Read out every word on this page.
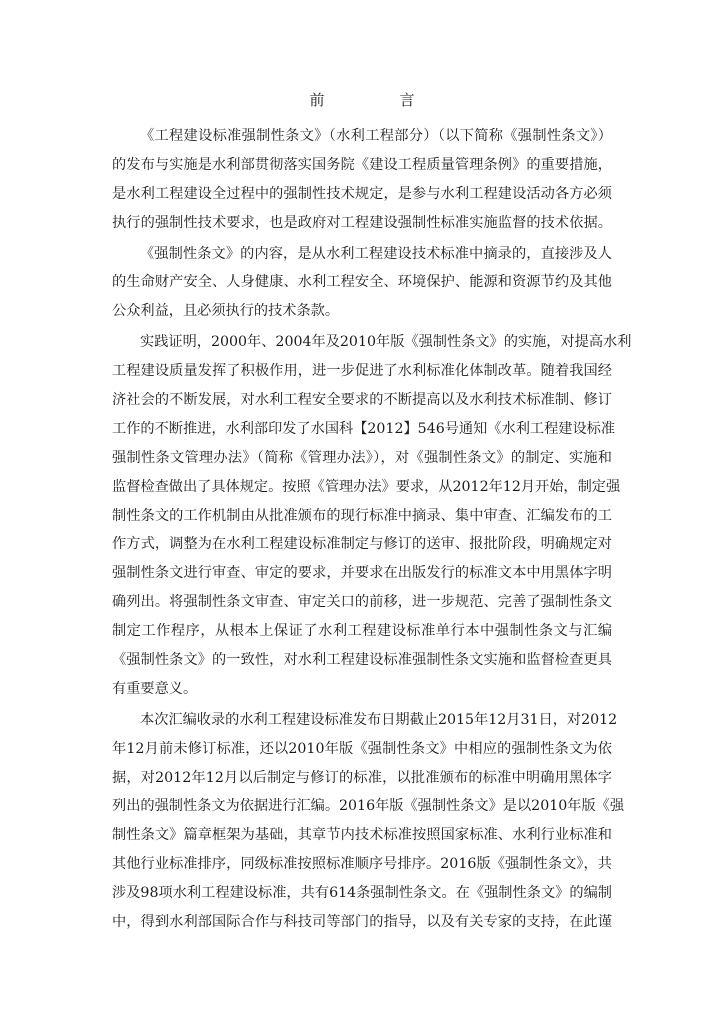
前　言
《工程建设标准强制性条文》（水利工程部分）（以下简称《强制性条文》）
的发布与实施是水利部贯彻落实国务院《建设工程质量管理条例》的重要措施，
是水利工程建设全过程中的强制性技术规定，是参与水利工程建设活动各方必须
执行的强制性技术要求，也是政府对工程建设强制性标准实施监督的技术依据。
《强制性条文》的内容，是从水利工程建设技术标准中摘录的，直接涉及人
的生命财产安全、人身健康、水利工程安全、环境保护、能源和资源节约及其他
公众利益，且必须执行的技术条款。
实践证明，2000年、2004年及2010年版《强制性条文》的实施，对提高水利
工程建设质量发挥了积极作用，进一步促进了水利标准化体制改革。随着我国经
济社会的不断发展，对水利工程安全要求的不断提高以及水利技术标准制、修订
工作的不断推进，水利部印发了水国科【2012】546号通知《水利工程建设标准
强制性条文管理办法》（简称《管理办法》），对《强制性条文》的制定、实施和
监督检查做出了具体规定。按照《管理办法》要求，从2012年12月开始，制定强
制性条文的工作机制由从批准颁布的现行标准中摘录、集中审查、汇编发布的工
作方式，调整为在水利工程建设标准制定与修订的送审、报批阶段，明确规定对
强制性条文进行审查、审定的要求，并要求在出版发行的标准文本中用黑体字明
确列出。将强制性条文审查、审定关口的前移，进一步规范、完善了强制性条文
制定工作程序，从根本上保证了水利工程建设标准单行本中强制性条文与汇编
《强制性条文》的一致性，对水利工程建设标准强制性条文实施和监督检查更具
有重要意义。
本次汇编收录的水利工程建设标准发布日期截止2015年12月31日，对2012
年12月前未修订标准，还以2010年版《强制性条文》中相应的强制性条文为依
据，对2012年12月以后制定与修订的标准，以批准颁布的标准中明确用黑体字
列出的强制性条文为依据进行汇编。2016年版《强制性条文》是以2010年版《强
制性条文》篇章框架为基础，其章节内技术标准按照国家标准、水利行业标准和
其他行业标准排序，同级标准按照标准顺序号排序。2016版《强制性条文》，共
涉及98项水利工程建设标准，共有614条强制性条文。在《强制性条文》的编制
中，得到水利部国际合作与科技司等部门的指导，以及有关专家的支持，在此谨
